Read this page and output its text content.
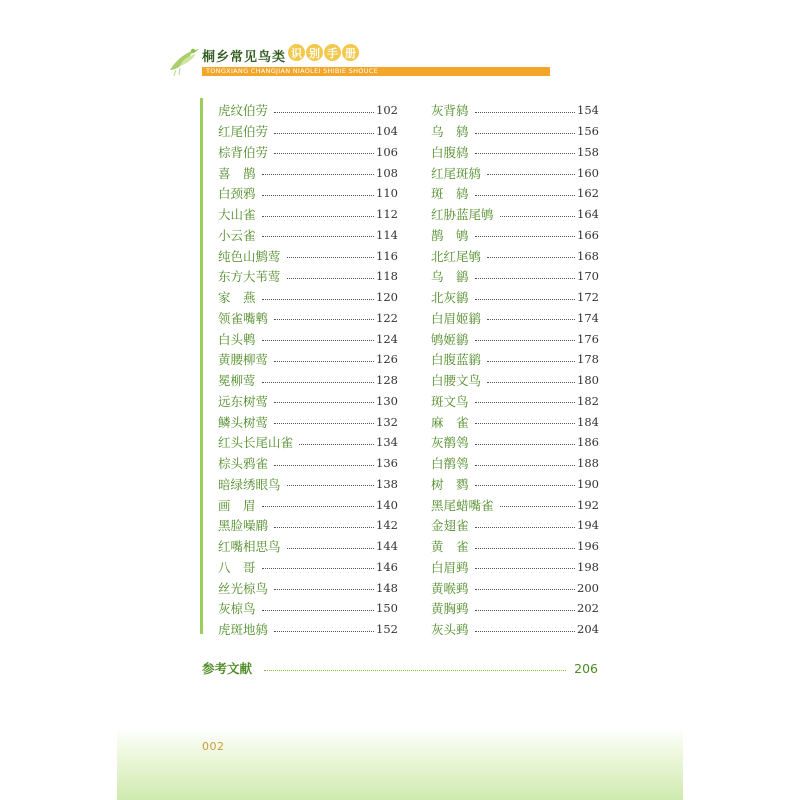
桐乡常见鸟类 识 别 手 册
TONGXIANG CHANGJIAN NIAOLEI SHIBIE SHOUCE
虎纹伯劳	102
红尾伯劳	104
棕背伯劳	106
喜　鹊	108
白颈鸦	110
大山雀	112
小云雀	114
纯色山鹪莺	116
东方大苇莺	118
家　燕	120
领雀嘴鹎	122
白头鹎	124
黄腰柳莺	126
冕柳莺	128
远东树莺	130
鳞头树莺	132
红头长尾山雀	134
棕头鸦雀	136
暗绿绣眼鸟	138
画　眉	140
黑脸噪鹛	142
红嘴相思鸟	144
八　哥	146
丝光椋鸟	148
灰椋鸟	150
虎斑地鸫	152
灰背鸫	154
乌　鸫	156
白腹鸫	158
红尾斑鸫	160
斑　鸫	162
红胁蓝尾鸲	164
鹊　鸲	166
北红尾鸲	168
乌　鹟	170
北灰鹟	172
白眉姬鹟	174
鸲姬鹟	176
白腹蓝鹟	178
白腰文鸟	180
斑文鸟	182
麻　雀	184
灰鹡鸰	186
白鹡鸰	188
树　鹨	190
黑尾蜡嘴雀	192
金翅雀	194
黄　雀	196
白眉鹀	198
黄喉鹀	200
黄胸鹀	202
灰头鹀	204
参考文献	206
002
